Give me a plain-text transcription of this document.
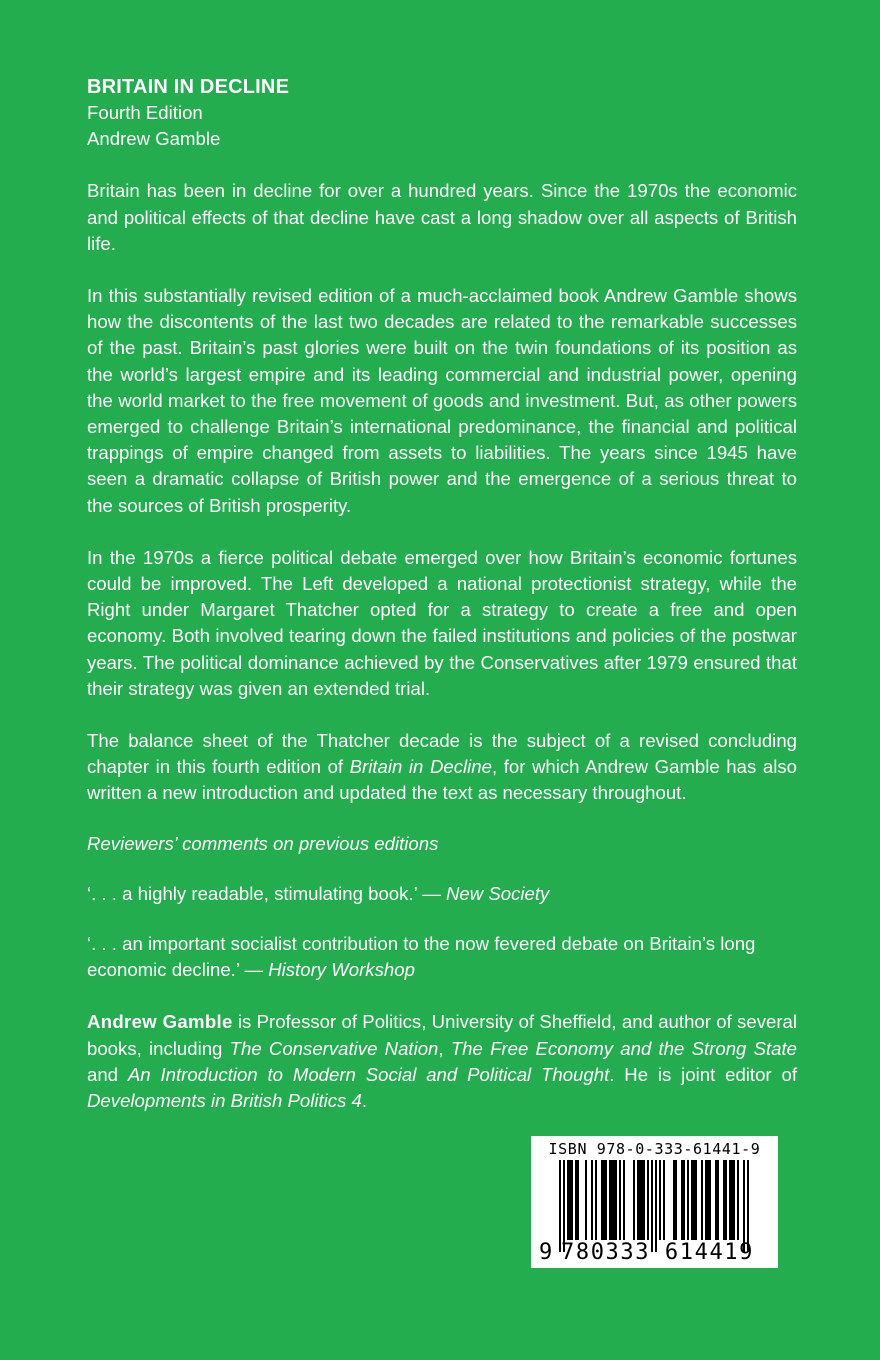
BRITAIN IN DECLINE

Fourth Edition

Andrew Gamble

Britain has been in decline for over a hundred years. Since the 1970s the economic and political effects of that decline have cast a long shadow over all aspects of British life.

In this substantially revised edition of a much-acclaimed book Andrew Gamble shows how the discontents of the last two decades are related to the remarkable successes of the past. Britain’s past glories were built on the twin foundations of its position as the world’s largest empire and its leading commercial and industrial power, opening the world market to the free movement of goods and investment. But, as other powers emerged to challenge Britain’s international predominance, the financial and political trappings of empire changed from assets to liabilities. The years since 1945 have seen a dramatic collapse of British power and the emergence of a serious threat to the sources of British prosperity.

In the 1970s a fierce political debate emerged over how Britain’s economic fortunes could be improved. The Left developed a national protectionist strategy, while the Right under Margaret Thatcher opted for a strategy to create a free and open economy. Both involved tearing down the failed institutions and policies of the postwar years. The political dominance achieved by the Conservatives after 1979 ensured that their strategy was given an extended trial.

The balance sheet of the Thatcher decade is the subject of a revised concluding chapter in this fourth edition of Britain in Decline, for which Andrew Gamble has also written a new introduction and updated the text as necessary throughout.

Reviewers’ comments on previous editions

‘. . . a highly readable, stimulating book.’ — New Society

‘. . . an important socialist contribution to the now fevered debate on Britain’s long economic decline.’ — History Workshop

Andrew Gamble is Professor of Politics, University of Sheffield, and author of several books, including The Conservative Nation, The Free Economy and the Strong State and An Introduction to Modern Social and Political Thought. He is joint editor of Developments in British Politics 4.

ISBN 978-0-333-61441-9
9 780333 614419
